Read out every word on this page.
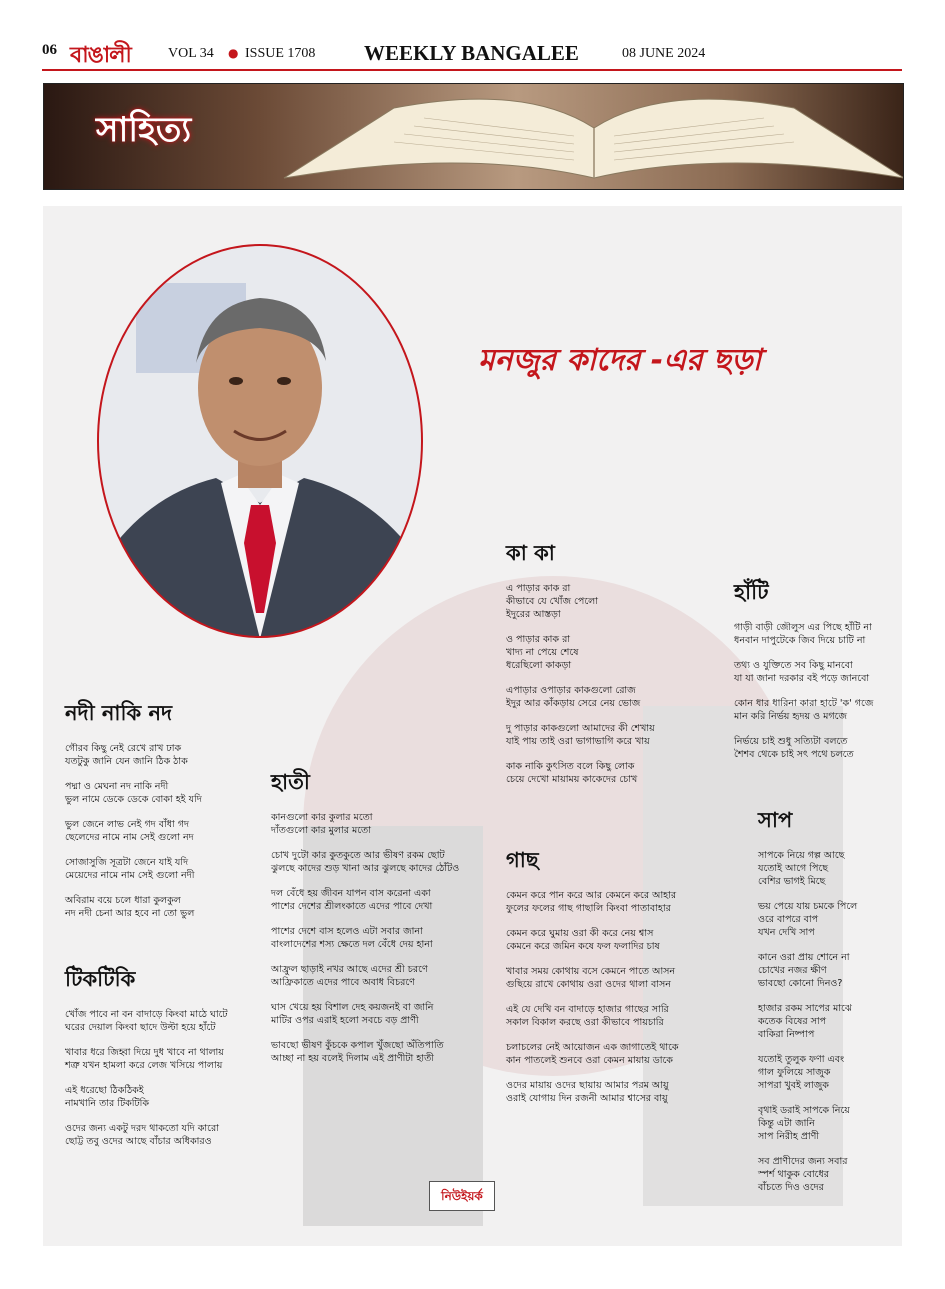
06 বাঙালী	VOL 34 ● ISSUE 1708 WEEKLY BANGALEE	08 JUNE 2024
সাহিত্য
মনজুর কাদের -এর ছড়া
কা কা
এ পাড়ার কাক রা
কীভাবে যে খোঁজ পেলো
ইদুরের আস্তড়া
ও পাড়ার কাক রা
খাদ্য না পেয়ে শেষে
ধরেছিলো কাকড়া
এপাড়ার ওপাড়ার কাকগুলো রোজ
ইদুর আর কাঁকড়ায় সেরে নেয় ভোজ
দু পাড়ার কাকগুলো আমাদের কী শেখায়
যাই পায় তাই ওরা ভাগাভাগি করে খায়
কাক নাকি কুৎসিত বলে কিছু লোক
চেয়ে দেখো মায়াময় কাকেদের চোখ
হাঁটি
গাড়ী বাড়ী জৌলুস এর পিছে হাঁটি না
ধনবান দাপুটেকে জিব দিয়ে চাটি না
তথ্য ও যুক্তিতে সব কিছু মানবো
যা যা জানা দরকার বই পড়ে জানবো
কোন ধার ধারিনা কারা হাটে 'ক' গজে
মান করি নির্ভয় হৃদয় ও মগজে
নির্ভয়ে চাই শুধু সত্যিটা বলতে
শৈশব থেকে চাই সৎ পথে চলতে
নদী নাকি নদ
গৌরব কিছু নেই রেখে রাখ ঢাক
যতটুকু জানি যেন জানি ঠিক ঠাক
পদ্মা ও মেঘনা নদ নাকি নদী
ভুল নামে ডেকে ডেকে বোকা হই যদি
ভুল জেনে লাভ নেই গদ বাঁধা গদ
ছেলেদের নামে নাম সেই গুলো নদ
সোজাসুজি সূত্রটা জেনে যাই যদি
মেয়েদের নামে নাম সেই গুলো নদী
অবিরাম বয়ে চলে ধারা কুলকুল
নদ নদী চেনা আর হবে না তো ভুল
হাতী
কানগুলো কার কুলার মতো
দাঁতগুলো কার মুলার মতো
চোখ দুটো কার কুতকুতে আর ভীষণ রকম ছোট
ঝুলছে কাদের শুড় খানা আর ঝুলছে কাদের ঠোঁটও
দল বেঁধে হয় জীবন যাপন বাস করেনা একা
পাশের দেশের শ্রীলংকাতে এদের পাবে দেখা
পাশের দেশে বাস হলেও এটা সবার জানা
বাংলাদেশের শস্য ক্ষেতে দল বেঁধে দেয় হানা
আফ্রুল ছাড়াই নখর আছে এদের শ্রী চরণে
আফ্রিকাতে এদের পাবে অবাধ বিচরণে
ঘাস খেয়ে হয় বিশাল দেহ কয়জনই বা জানি
মাটির ওপর এরাই হলো সবচে বড় প্রাণী
ভাবছো ভীষণ কুঁচকে কপাল খুঁজছো অঁতিপাতি
আচ্ছা না হয় বলেই দিলাম এই প্রাণীটা হাতী
গাছ
কেমন করে পান করে আর কেমনে করে আহার
ফুলের ফলের গাছ গাছালি কিংবা পাতাবাহার
কেমন করে ঘুমায় ওরা কী করে নেয় শ্বাস
কেমনে করে জমিন কষে ফল ফলাদির চাষ
খাবার সময় কোথায় বসে কেমনে পাতে আসন
গুছিয়ে রাখে কোথায় ওরা ওদের থালা বাসন
এই যে দেখি বন বাদাড়ে হাজার গাছের সারি
সকাল বিকাল করছে ওরা কীভাবে পায়চারি
চলাচলের নেই আয়োজন এক জাগাতেই থাকে
কান পাতলেই শুনবে ওরা কেমন মায়ায় ডাকে
ওদের মায়ায় ওদের ছায়ায় আমার পরম আয়ু
ওরাই যোগায় দিন রজনী আমার শ্বাসের বায়ু
টিকটিকি
খোঁজ পাবে না বন বাদাড়ে কিংবা মাঠে ঘাটে
ঘরের দেয়াল কিংবা ছাদে উল্টা হয়ে হাঁটে
খাবার ধরে জিহ্বা দিয়ে দুধ খাবে না থালায়
শত্রু যখন হামলা করে লেজ খসিয়ে পালায়
এই ধরেছো ঠিকঠিকই
নামখানি তার টিকটিকি
ওদের জন্য একটু দরদ থাকতো যদি কারো
ছোট্ট তবু ওদের আছে বাঁচার অধিকারও
সাপ
সাপকে নিয়ে গল্প আছে
যতোই আগে পিছে
বেশির ভাগই মিছে
ভয় পেয়ে যায় চমকে পিলে
ওরে বাপরে বাপ
যখন দেখি সাপ
কানে ওরা প্রায় শোনে না
চোখের নজর ক্ষীণ
ভাবছো কোনো দিনও?
হাজার রকম সাপের মাঝে
কতেক বিষের সাপ
বাকিরা নিষ্পাপ
যতোই তুলুক ফণা এবং
গাল ফুলিয়ে সাজুক
সাপরা খুবই লাজুক
বৃথাই ডরাই সাপকে নিয়ে
কিন্তু এটা জানি
সাপ নিরীহ প্রাণী
সব প্রাণীদের জন্য সবার
স্পর্শ থাকুক বোধের
বাঁচতে দিও ওদের
নিউইয়র্ক
